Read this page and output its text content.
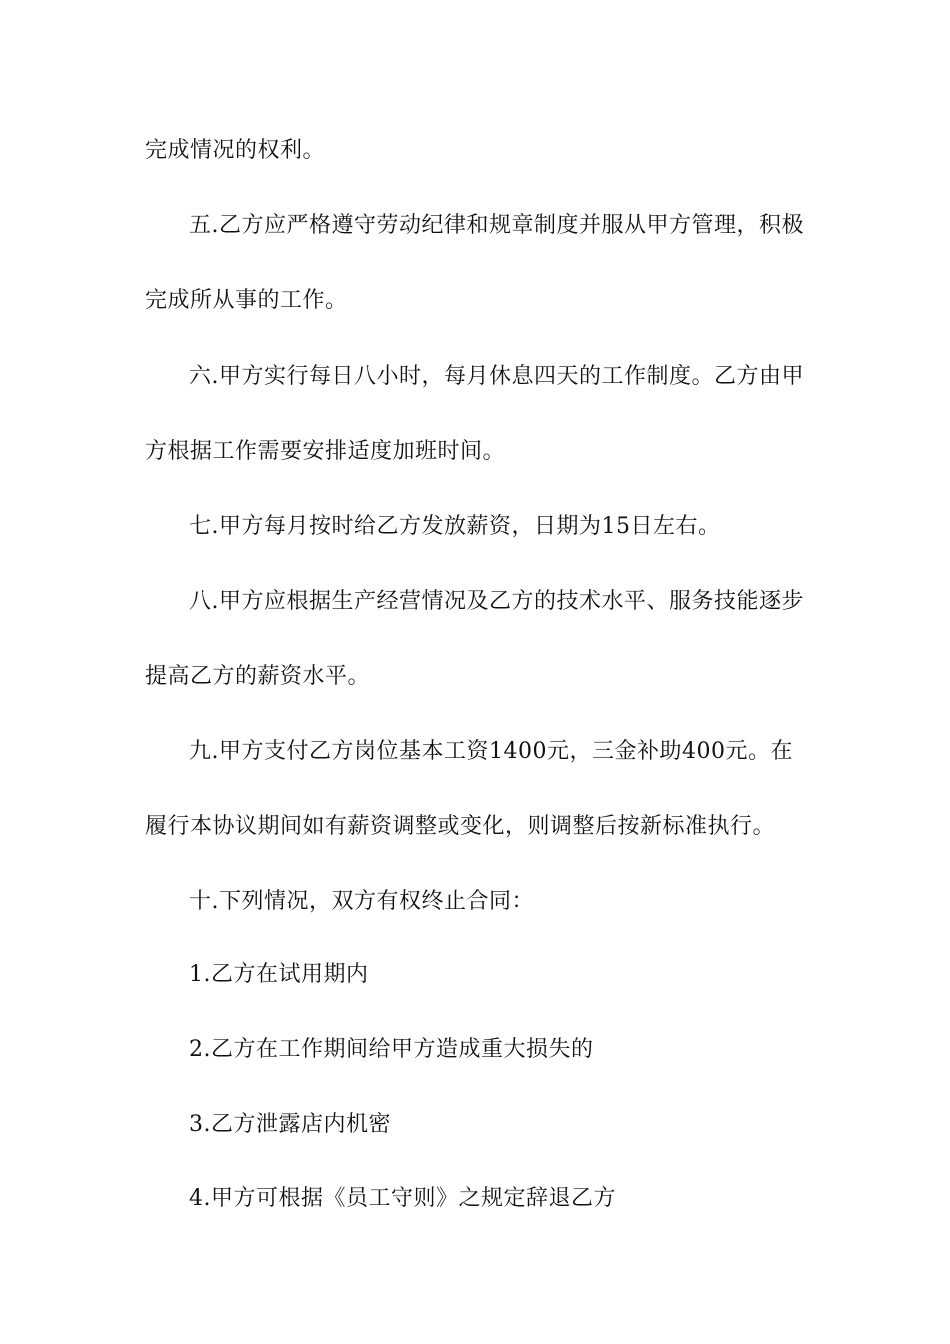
完成情况的权利。
五.乙方应严格遵守劳动纪律和规章制度并服从甲方管理，积极
完成所从事的工作。
六.甲方实行每日八小时，每月休息四天的工作制度。乙方由甲
方根据工作需要安排适度加班时间。
七.甲方每月按时给乙方发放薪资，日期为15日左右。
八.甲方应根据生产经营情况及乙方的技术水平、服务技能逐步
提高乙方的薪资水平。
九.甲方支付乙方岗位基本工资1400元，三金补助400元。在
履行本协议期间如有薪资调整或变化，则调整后按新标准执行。
十.下列情况，双方有权终止合同：
1.乙方在试用期内
2.乙方在工作期间给甲方造成重大损失的
3.乙方泄露店内机密
4.甲方可根据《员工守则》之规定辞退乙方
